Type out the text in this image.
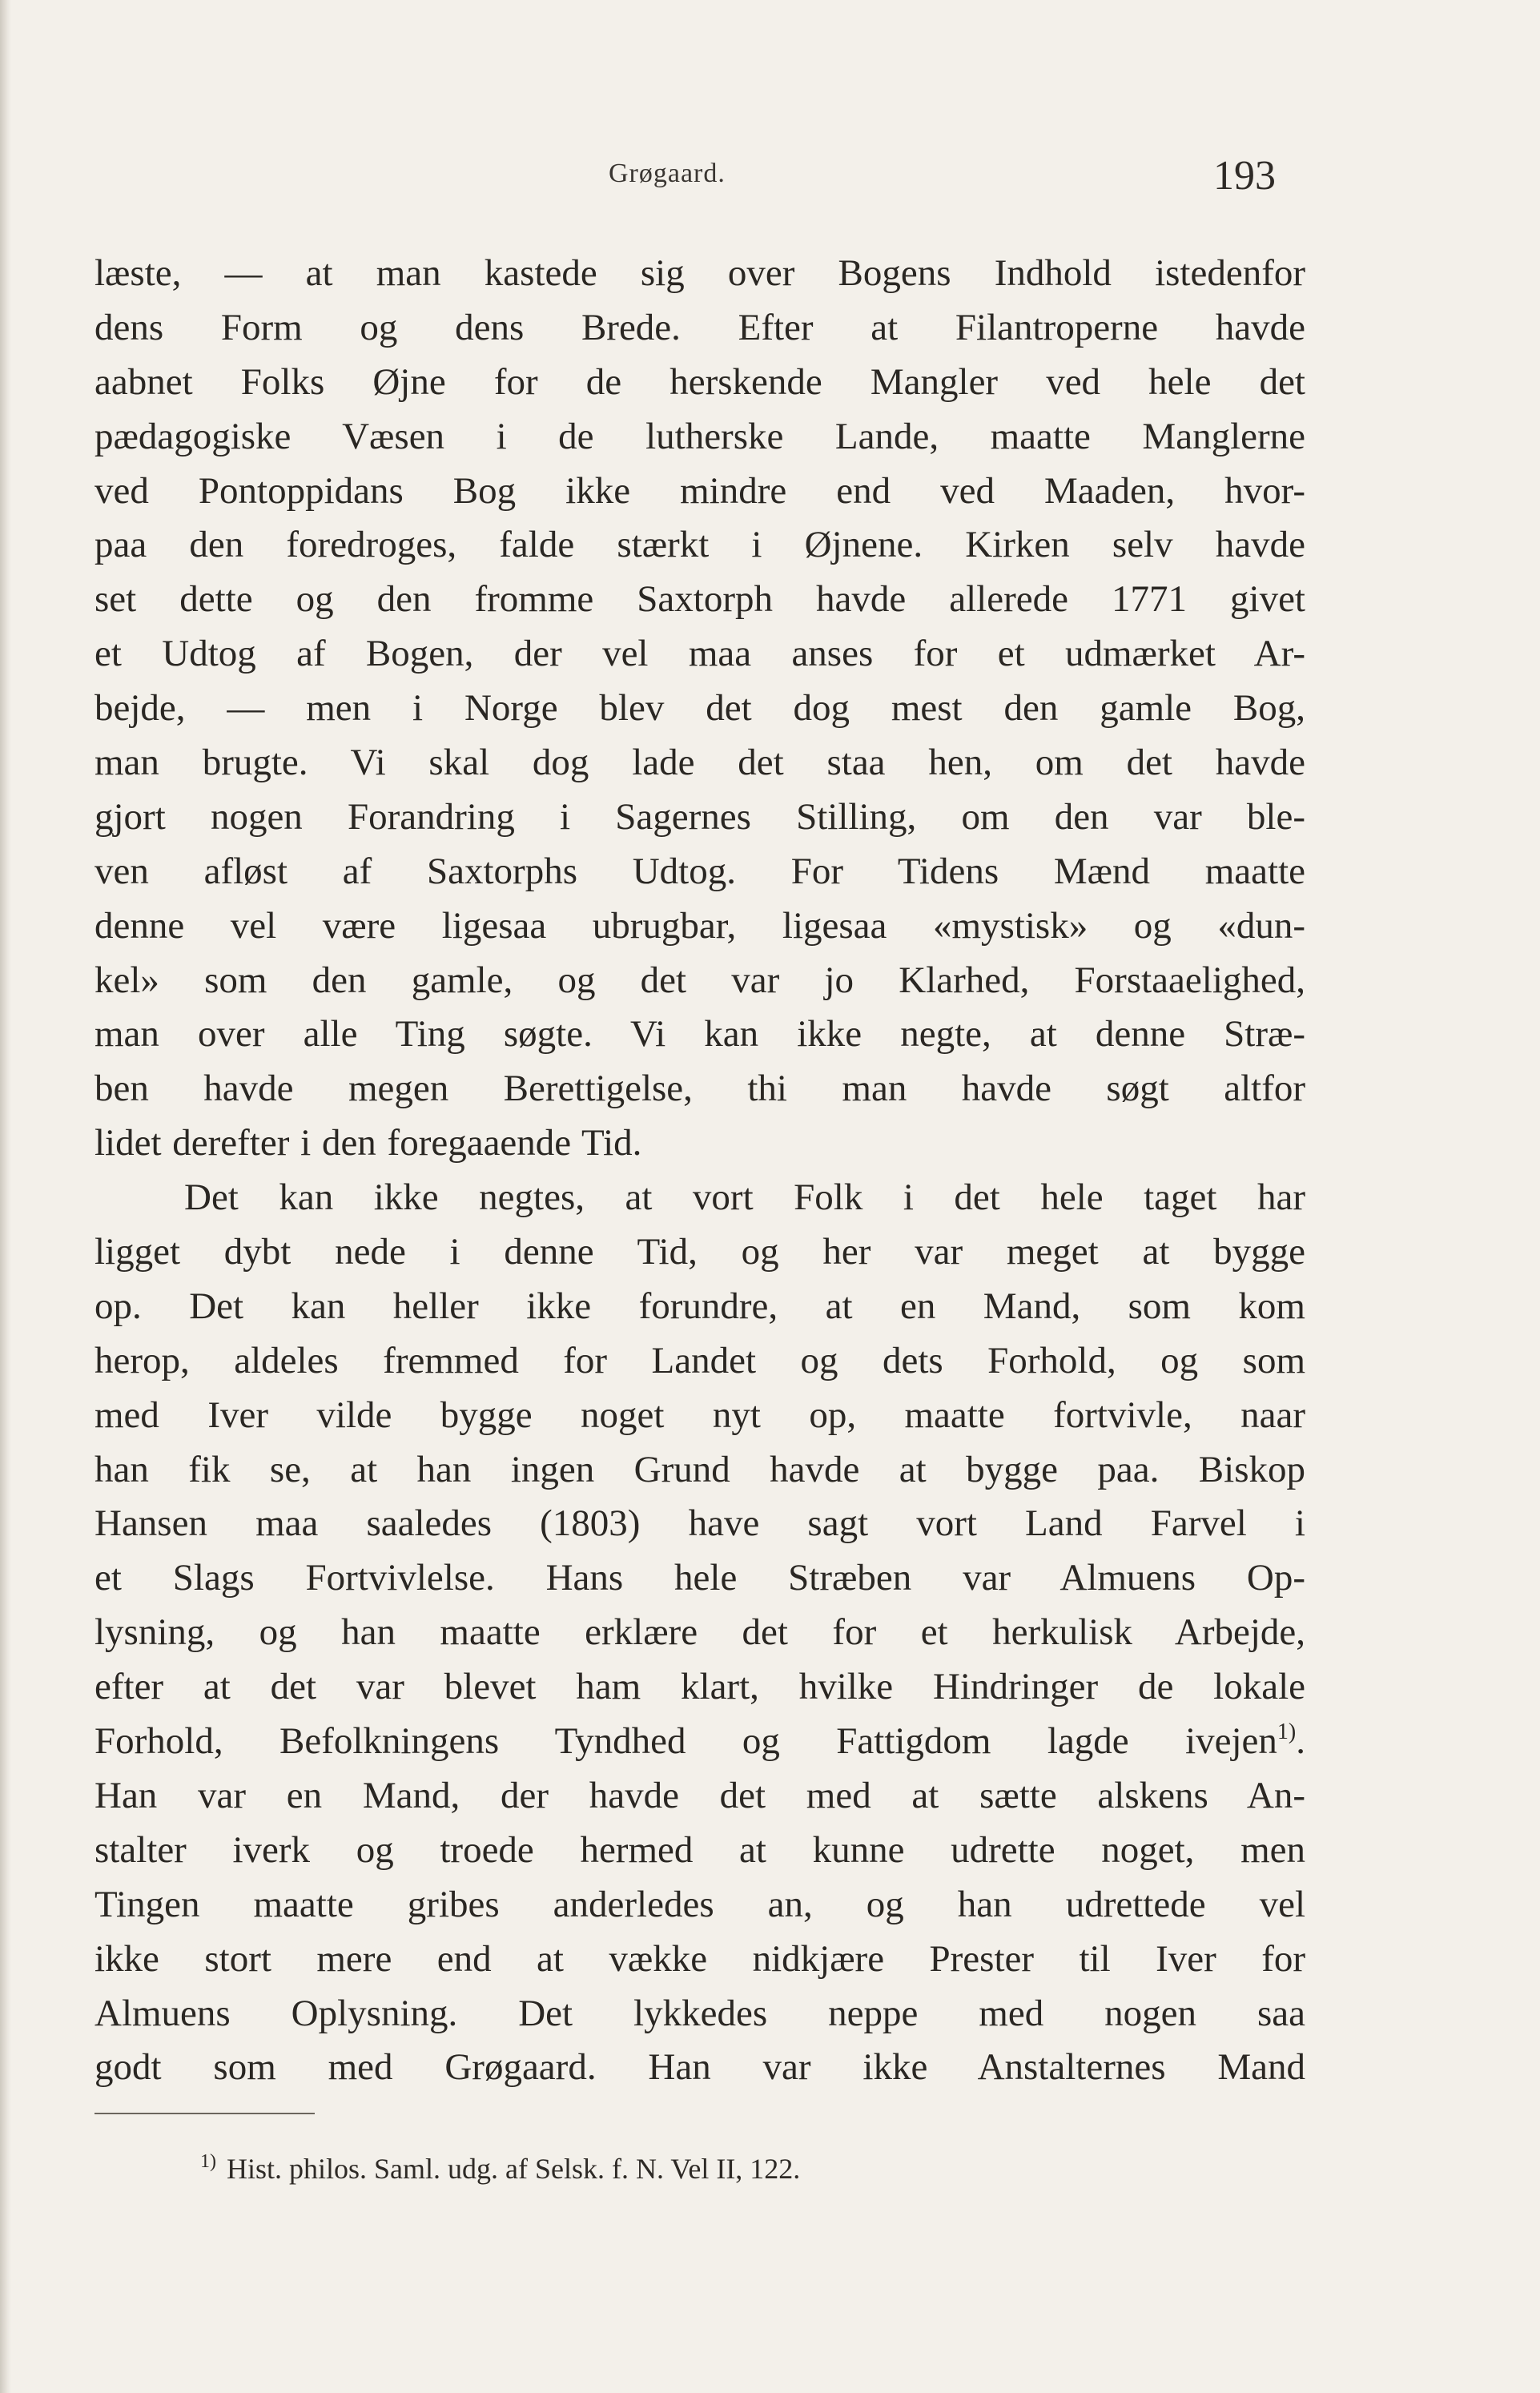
Grøgaard.	193
læste, — at man kastede sig over Bogens Indhold istedenfor
dens Form og dens Brede. Efter at Filantroperne havde
aabnet Folks Øjne for de herskende Mangler ved hele det
pædagogiske Væsen i de lutherske Lande, maatte Manglerne
ved Pontoppidans Bog ikke mindre end ved Maaden, hvor-
paa den foredroges, falde stærkt i Øjnene. Kirken selv havde
set dette og den fromme Saxtorph havde allerede 1771 givet
et Udtog af Bogen, der vel maa anses for et udmærket Ar-
bejde, — men i Norge blev det dog mest den gamle Bog,
man brugte. Vi skal dog lade det staa hen, om det havde
gjort nogen Forandring i Sagernes Stilling, om den var ble-
ven afløst af Saxtorphs Udtog. For Tidens Mænd maatte
denne vel være ligesaa ubrugbar, ligesaa «mystisk» og «dun-
kel» som den gamle, og det var jo Klarhed, Forstaaelighed,
man over alle Ting søgte. Vi kan ikke negte, at denne Stræ-
ben havde megen Berettigelse, thi man havde søgt altfor
lidet derefter i den foregaaende Tid.
Det kan ikke negtes, at vort Folk i det hele taget har
ligget dybt nede i denne Tid, og her var meget at bygge
op. Det kan heller ikke forundre, at en Mand, som kom
herop, aldeles fremmed for Landet og dets Forhold, og som
med Iver vilde bygge noget nyt op, maatte fortvivle, naar
han fik se, at han ingen Grund havde at bygge paa. Biskop
Hansen maa saaledes (1803) have sagt vort Land Farvel i
et Slags Fortvivlelse. Hans hele Stræben var Almuens Op-
lysning, og han maatte erklære det for et herkulisk Arbejde,
efter at det var blevet ham klart, hvilke Hindringer de lokale
Forhold, Befolkningens Tyndhed og Fattigdom lagde ivejen$^{1)}$.
Han var en Mand, der havde det med at sætte alskens An-
stalter iverk og troede hermed at kunne udrette noget, men
Tingen maatte gribes anderledes an, og han udrettede vel
ikke stort mere end at vække nidkjære Prester til Iver for
Almuens Oplysning. Det lykkedes neppe med nogen saa
godt som med Grøgaard. Han var ikke Anstalternes Mand
$^{1)}$ Hist. philos. Saml. udg. af Selsk. f. N. Vel II, 122.
